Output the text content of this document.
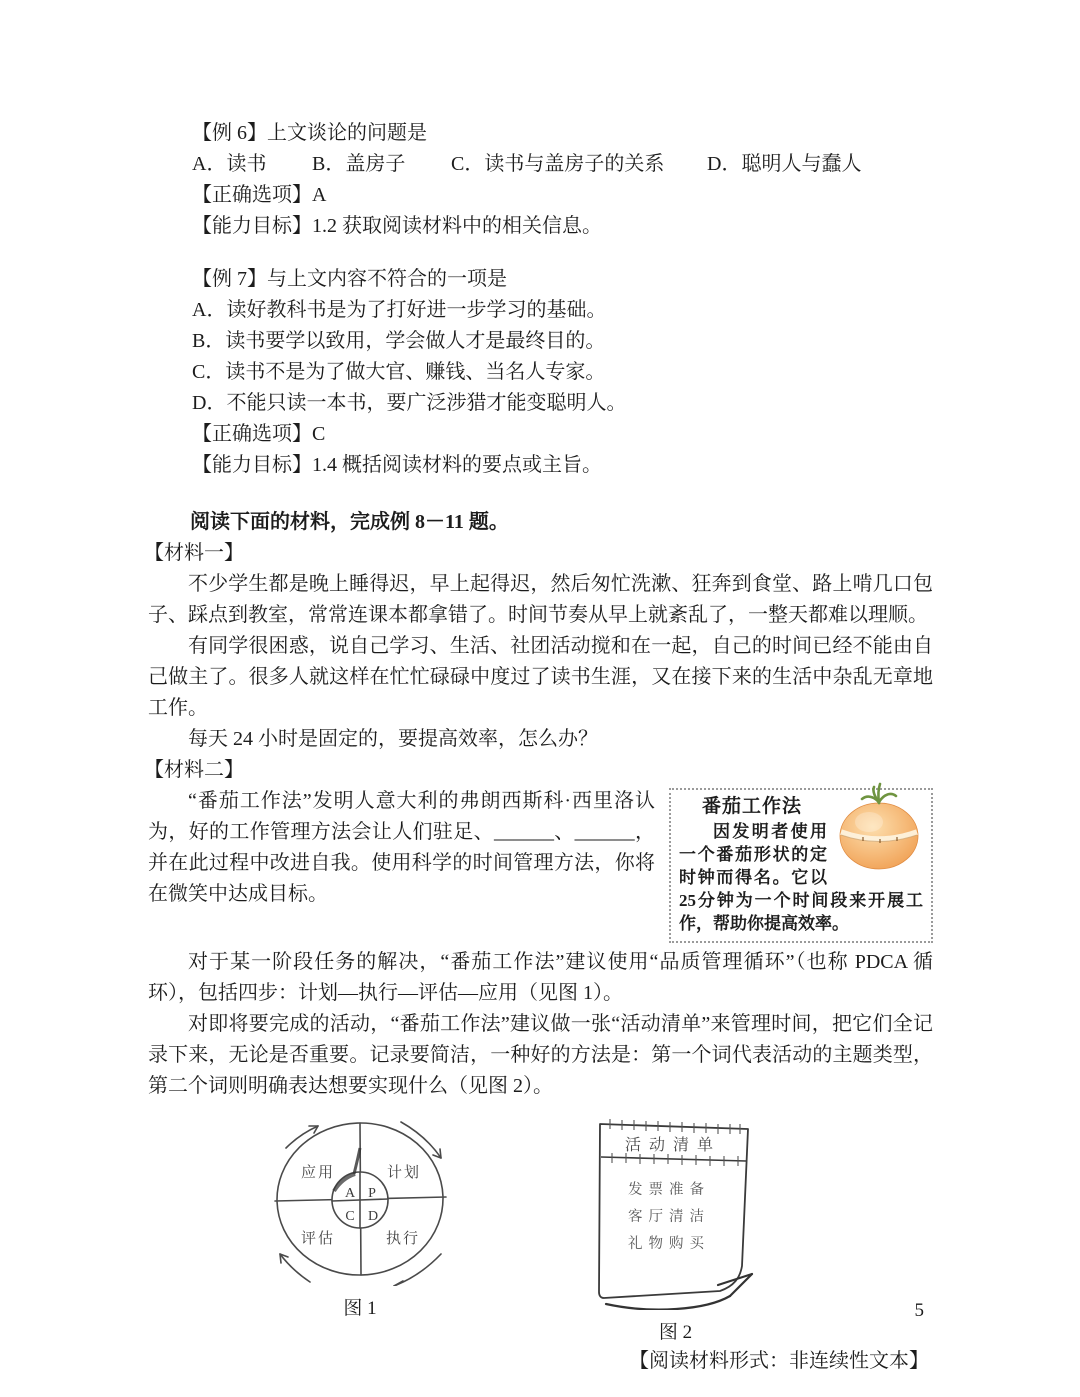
【例 6】上文谈论的问题是

A．读书 B．盖房子 C．读书与盖房子的关系 D．聪明人与蠢人

【正确选项】A

【能力目标】1.2 获取阅读材料中的相关信息。

【例 7】与上文内容不符合的一项是

A．读好教科书是为了打好进一步学习的基础。

B．读书要学以致用，学会做人才是最终目的。

C．读书不是为了做大官、赚钱、当名人专家。

D．不能只读一本书，要广泛涉猎才能变聪明人。

【正确选项】C

【能力目标】1.4 概括阅读材料的要点或主旨。

阅读下面的材料，完成例 8－11 题。

【材料一】

不少学生都是晚上睡得迟，早上起得迟，然后匆忙洗漱、狂奔到食堂、路上啃几口包子、踩点到教室，常常连课本都拿错了。时间节奏从早上就紊乱了，一整天都难以理顺。

有同学很困惑，说自己学习、生活、社团活动搅和在一起，自己的时间已经不能由自己做主了。很多人就这样在忙忙碌碌中度过了读书生涯，又在接下来的生活中杂乱无章地工作。

每天 24 小时是固定的，要提高效率，怎么办？

【材料二】

番茄工作法

因发明者使用一个番茄形状的定时钟而得名。它以25分钟为一个时间段来开展工作，帮助你提高效率。

“番茄工作法”发明人意大利的弗朗西斯科·西里洛认为，好的工作管理方法会让人们驻足、______、______，并在此过程中改进自我。使用科学的时间管理方法，你将在微笑中达成目标。

对于某一阶段任务的解决，“番茄工作法”建议使用“品质管理循环”（也称 PDCA 循环），包括四步：计划—执行—评估—应用（见图 1）。

对即将要完成的活动，“番茄工作法”建议做一张“活动清单”来管理时间，把它们全记录下来，无论是否重要。记录要简洁，一种好的方法是：第一个词代表活动的主题类型，第二个词则明确表达想要实现什么（见图 2）。

A P
C D
应用	计划
评估	执行
图 1
活动清单
发票准备
客厅清洁
礼物购买
图 2

【阅读材料形式：非连续性文本】

5
